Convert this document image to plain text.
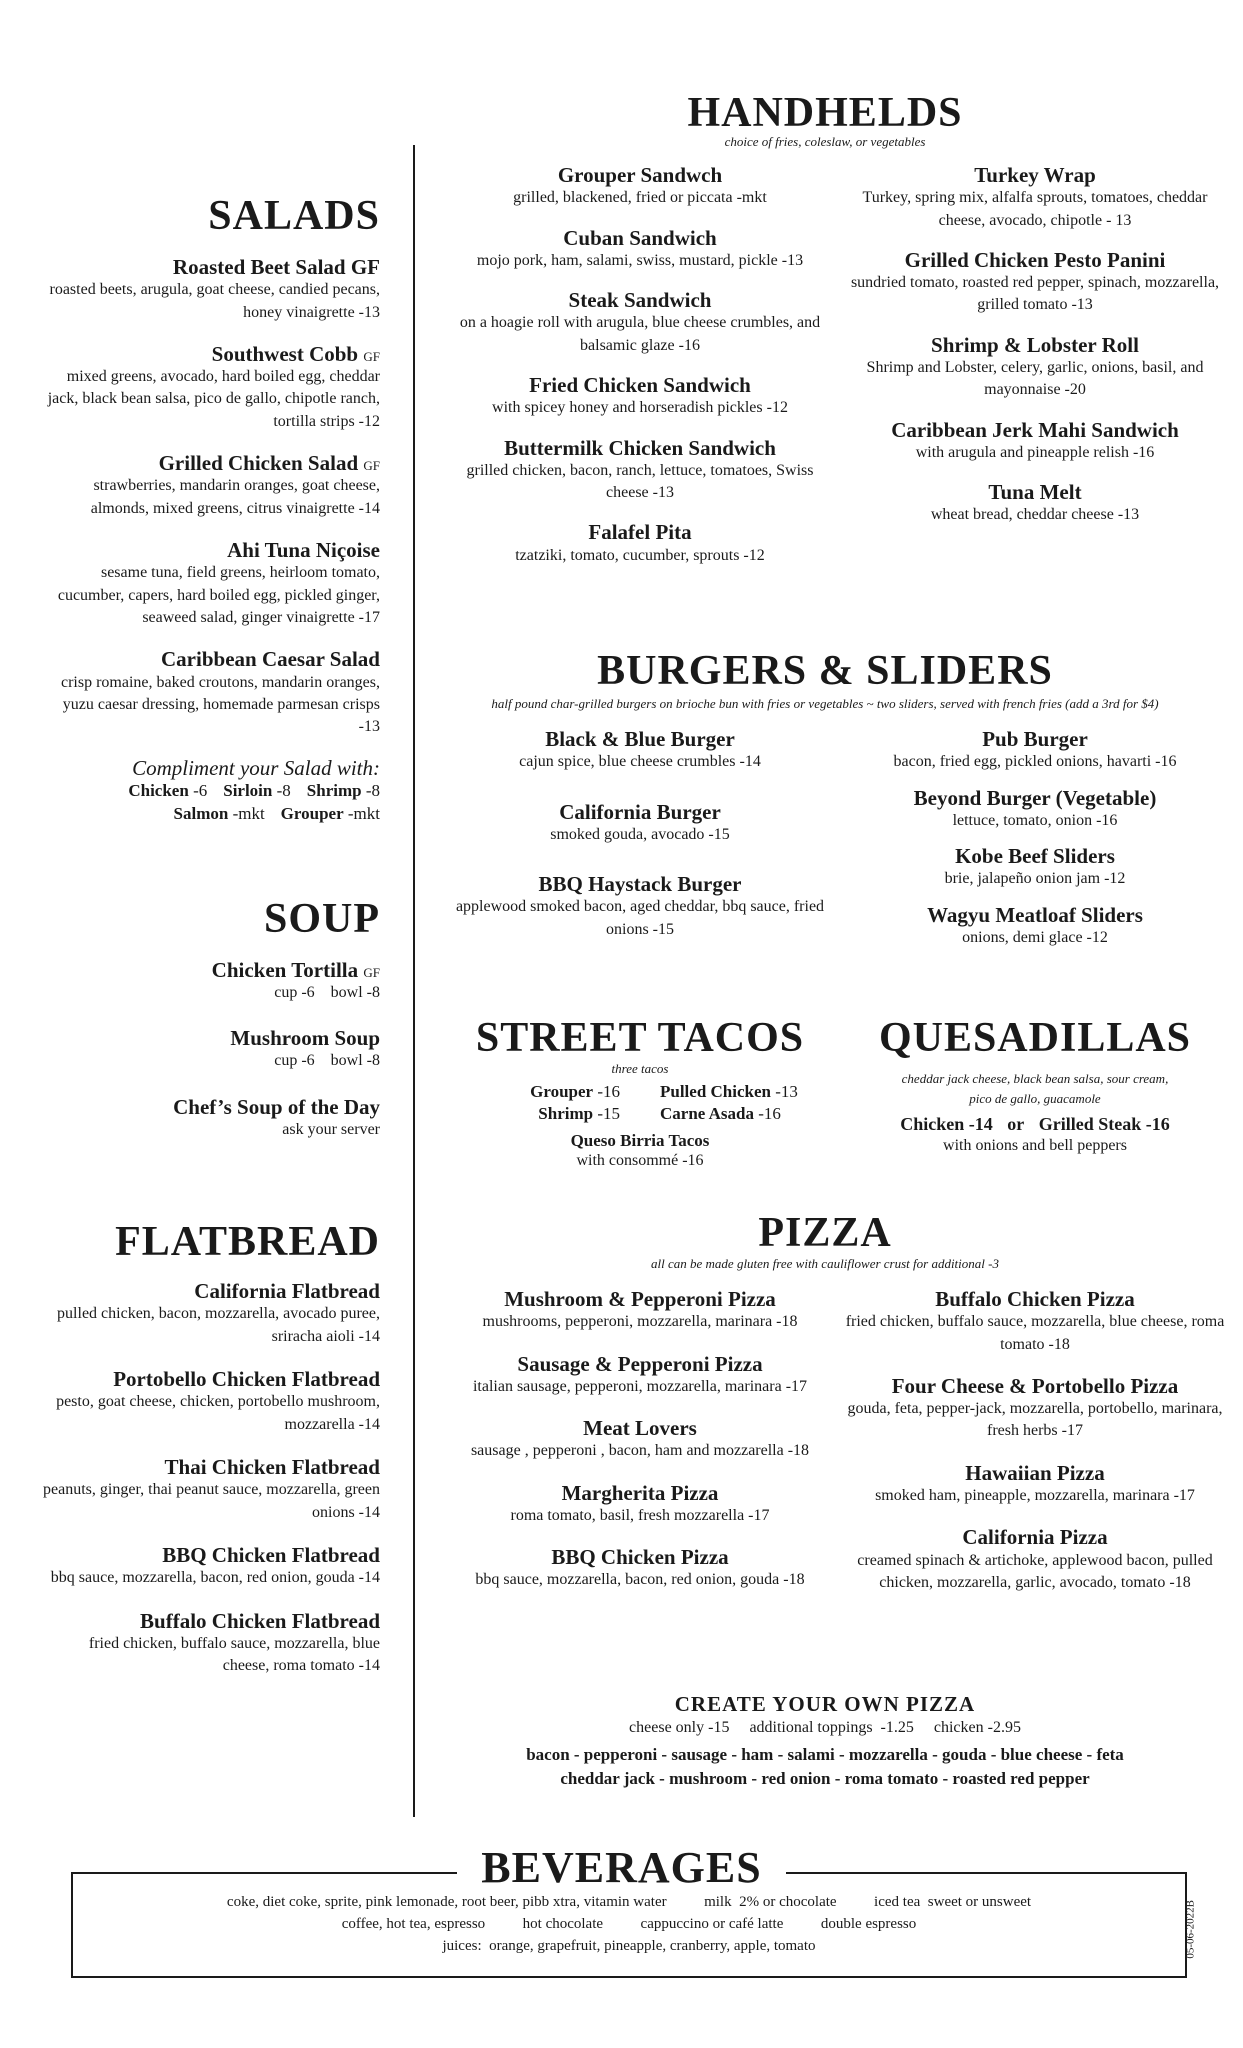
HANDHELDS
choice of fries, coleslaw, or vegetables
Grouper Sandwch
grilled, blackened, fried or piccata -mkt
Cuban Sandwich
mojo pork, ham, salami, swiss, mustard, pickle -13
Steak Sandwich
on a hoagie roll with arugula, blue cheese crumbles, and balsamic glaze -16
Fried Chicken Sandwich
with spicey honey and horseradish pickles -12
Buttermilk Chicken Sandwich
grilled chicken, bacon, ranch, lettuce, tomatoes, Swiss cheese -13
Falafel Pita
tzatziki, tomato, cucumber, sprouts -12
Turkey Wrap
Turkey, spring mix, alfalfa sprouts, tomatoes, cheddar cheese, avocado, chipotle - 13
Grilled Chicken Pesto Panini
sundried tomato, roasted red pepper, spinach, mozzarella, grilled tomato -13
Shrimp & Lobster Roll
Shrimp and Lobster, celery, garlic, onions, basil, and mayonnaise -20
Caribbean Jerk Mahi Sandwich
with arugula and pineapple relish -16
Tuna Melt
wheat bread, cheddar cheese -13
SALADS
Roasted Beet Salad GF
roasted beets, arugula, goat cheese, candied pecans, honey vinaigrette -13
Southwest Cobb GF
mixed greens, avocado, hard boiled egg, cheddar jack, black bean salsa, pico de gallo, chipotle ranch, tortilla strips -12
Grilled Chicken Salad GF
strawberries, mandarin oranges, goat cheese, almonds, mixed greens, citrus vinaigrette -14
Ahi Tuna Niçoise
sesame tuna, field greens, heirloom tomato, cucumber, capers, hard boiled egg, pickled ginger, seaweed salad, ginger vinaigrette -17
Caribbean Caesar Salad
crisp romaine, baked croutons, mandarin oranges, yuzu caesar dressing, homemade parmesan crisps -13
Compliment your Salad with:
Chicken -6 Sirloin -8 Shrimp -8
Salmon -mkt Grouper -mkt
SOUP
Chicken Tortilla GF
cup -6    bowl -8
Mushroom Soup
cup -6    bowl -8
Chef’s Soup of the Day
ask your server
FLATBREAD
California Flatbread
pulled chicken, bacon, mozzarella, avocado puree, sriracha aioli -14
Portobello Chicken Flatbread
pesto, goat cheese, chicken, portobello mushroom, mozzarella -14
Thai Chicken Flatbread
peanuts, ginger, thai peanut sauce, mozzarella, green onions -14
BBQ Chicken Flatbread
bbq sauce, mozzarella, bacon, red onion, gouda -14
Buffalo Chicken Flatbread
fried chicken, buffalo sauce, mozzarella, blue cheese, roma tomato -14
BURGERS & SLIDERS
half pound char-grilled burgers on brioche bun with fries or vegetables ~ two sliders, served with french fries (add a 3rd for $4)
Black & Blue Burger
cajun spice, blue cheese crumbles -14
California Burger
smoked gouda, avocado -15
BBQ Haystack Burger
applewood smoked bacon, aged cheddar, bbq sauce, fried onions -15
Pub Burger
bacon, fried egg, pickled onions, havarti -16
Beyond Burger (Vegetable)
lettuce, tomato, onion -16
Kobe Beef Sliders
brie, jalapeño onion jam -12
Wagyu Meatloaf Sliders
onions, demi glace -12
STREET TACOS
three tacos
Grouper -16	Pulled Chicken -13
Shrimp -15	Carne Asada -16
Queso Birria Tacos
with consommé -16
QUESADILLAS
cheddar jack cheese, black bean salsa, sour cream,
pico de gallo, guacamole
Chicken -14 or Grilled Steak -16
with onions and bell peppers
PIZZA
all can be made gluten free with cauliflower crust for additional -3
Mushroom & Pepperoni Pizza
mushrooms, pepperoni, mozzarella, marinara -18
Sausage & Pepperoni Pizza
italian sausage, pepperoni, mozzarella, marinara -17
Meat Lovers
sausage , pepperoni , bacon, ham and mozzarella -18
Margherita Pizza
roma tomato, basil, fresh mozzarella -17
BBQ Chicken Pizza
bbq sauce, mozzarella, bacon, red onion, gouda -18
Buffalo Chicken Pizza
fried chicken, buffalo sauce, mozzarella, blue cheese, roma tomato -18
Four Cheese & Portobello Pizza
gouda, feta, pepper-jack, mozzarella, portobello, marinara, fresh herbs -17
Hawaiian Pizza
smoked ham, pineapple, mozzarella, marinara -17
California Pizza
creamed spinach & artichoke, applewood bacon, pulled chicken, mozzarella, garlic, avocado, tomato -18
CREATE YOUR OWN PIZZA
cheese only -15     additional toppings  -1.25     chicken -2.95
bacon - pepperoni - sausage - ham - salami - mozzarella - gouda - blue cheese - feta
cheddar jack - mushroom - red onion - roma tomato - roasted red pepper
coke, diet coke, sprite, pink lemonade, root beer, pibb xtra, vitamin water          milk  2% or chocolate          iced tea  sweet or unsweet
coffee, hot tea, espresso          hot chocolate          cappuccino or café latte          double espresso
juices:  orange, grapefruit, pineapple, cranberry, apple, tomato
BEVERAGES
05-06-2022B
